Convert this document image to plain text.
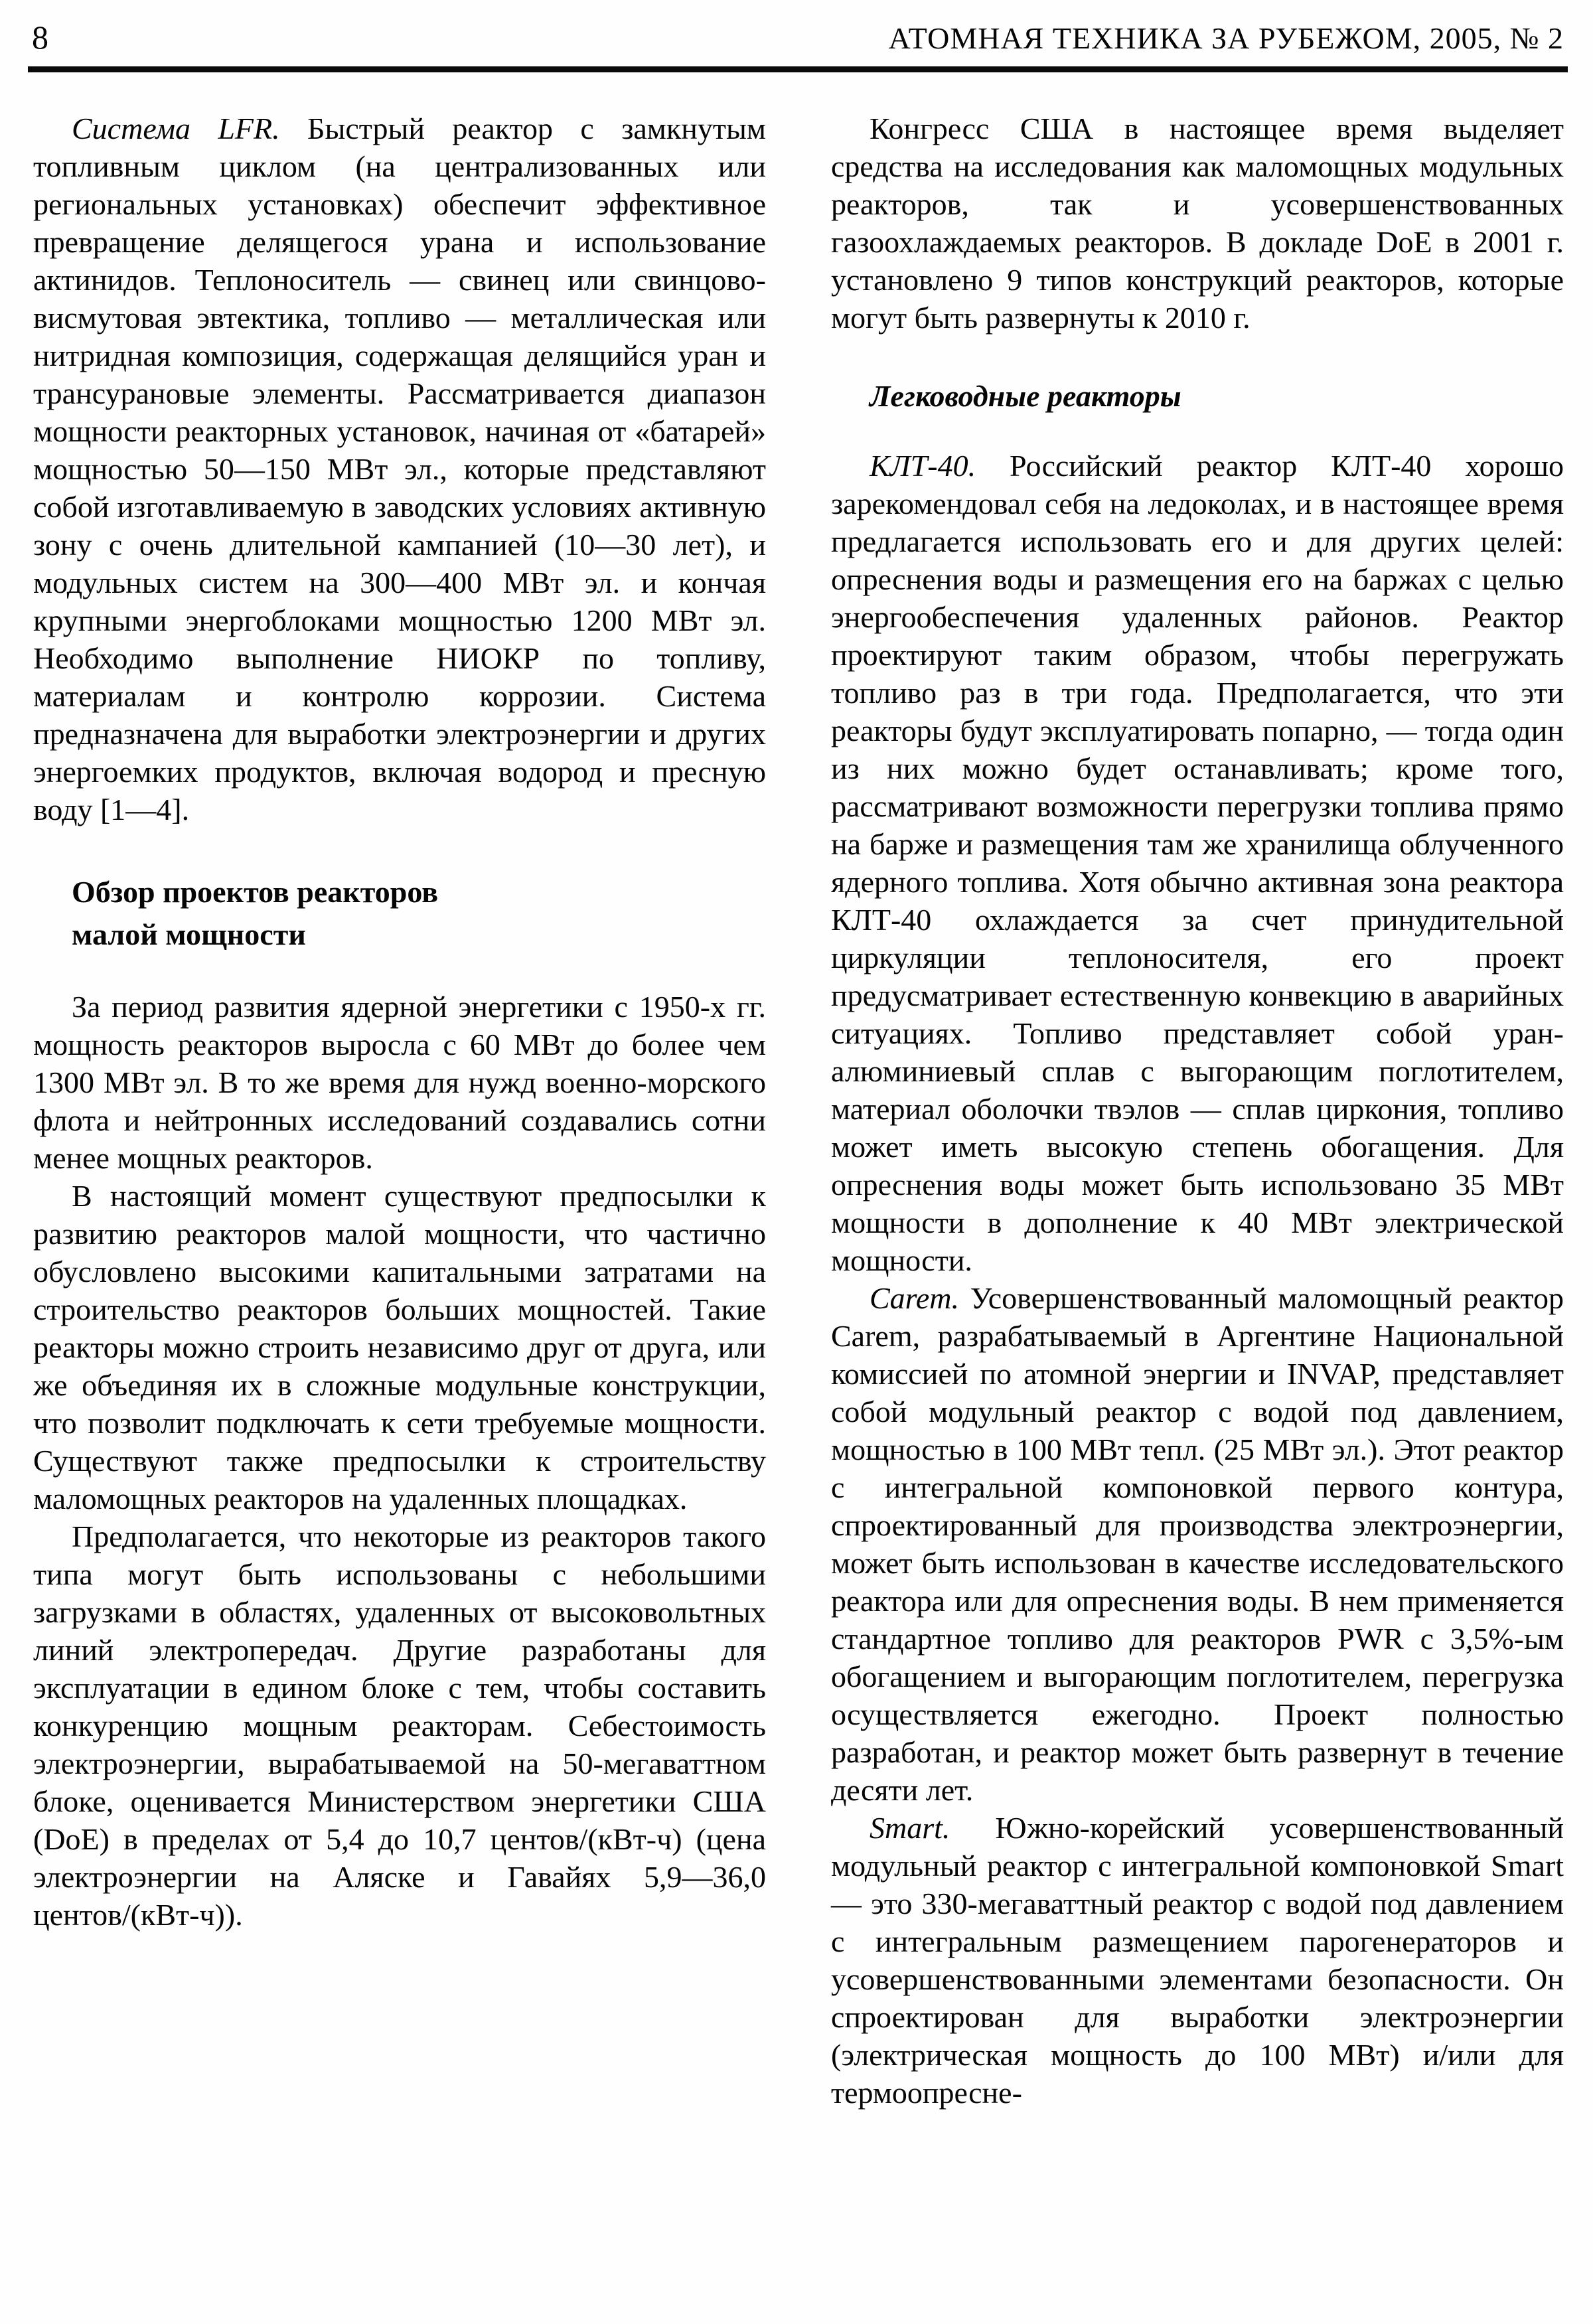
8	АТОМНАЯ ТЕХНИКА ЗА РУБЕЖОМ, 2005, № 2

Система LFR. Быстрый реактор с замкнутым топливным циклом (на централизованных или региональных установках) обеспечит эффективное превращение делящегося урана и использование актинидов. Теплоноситель — свинец или свинцово-висмутовая эвтектика, топливо — металлическая или нитридная композиция, содержащая делящийся уран и трансурановые элементы. Рассматривается диапазон мощности реакторных установок, начиная от «батарей» мощностью 50—150 МВт эл., которые представляют собой изготавливаемую в заводских условиях активную зону с очень длительной кампанией (10—30 лет), и модульных систем на 300—400 МВт эл. и кончая крупными энергоблоками мощностью 1200 МВт эл. Необходимо выполнение НИОКР по топливу, материалам и контролю коррозии. Система предназначена для выработки электроэнергии и других энергоемких продуктов, включая водород и пресную воду [1—4].

Обзор проектов реакторов
малой мощности

За период развития ядерной энергетики с 1950-х гг. мощность реакторов выросла с 60 МВт до более чем 1300 МВт эл. В то же время для нужд военно-морского флота и нейтронных исследований создавались сотни менее мощных реакторов.

В настоящий момент существуют предпосылки к развитию реакторов малой мощности, что частично обусловлено высокими капитальными затратами на строительство реакторов больших мощностей. Такие реакторы можно строить независимо друг от друга, или же объединяя их в сложные модульные конструкции, что позволит подключать к сети требуемые мощности. Существуют также предпосылки к строительству маломощных реакторов на удаленных площадках.

Предполагается, что некоторые из реакторов такого типа могут быть использованы с небольшими загрузками в областях, удаленных от высоковольтных линий электропередач. Другие разработаны для эксплуатации в едином блоке с тем, чтобы составить конкуренцию мощным реакторам. Себестоимость электроэнергии, вырабатываемой на 50-мегаваттном блоке, оценивается Министерством энергетики США (DoE) в пределах от 5,4 до 10,7 центов/(кВт-ч) (цена электроэнергии на Аляске и Гавайях 5,9—36,0 центов/(кВт-ч)).

Конгресс США в настоящее время выделяет средства на исследования как маломощных модульных реакторов, так и усовершенствованных газоохлаждаемых реакторов. В докладе DoE в 2001 г. установлено 9 типов конструкций реакторов, которые могут быть развернуты к 2010 г.

Легководные реакторы

КЛТ-40. Российский реактор КЛТ-40 хорошо зарекомендовал себя на ледоколах, и в настоящее время предлагается использовать его и для других целей: опреснения воды и размещения его на баржах с целью энергообеспечения удаленных районов. Реактор проектируют таким образом, чтобы перегружать топливо раз в три года. Предполагается, что эти реакторы будут эксплуатировать попарно, — тогда один из них можно будет останавливать; кроме того, рассматривают возможности перегрузки топлива прямо на барже и размещения там же хранилища облученного ядерного топлива. Хотя обычно активная зона реактора КЛТ-40 охлаждается за счет принудительной циркуляции теплоносителя, его проект предусматривает естественную конвекцию в аварийных ситуациях. Топливо представляет собой уран-алюминиевый сплав с выгорающим поглотителем, материал оболочки твэлов — сплав циркония, топливо может иметь высокую степень обогащения. Для опреснения воды может быть использовано 35 МВт мощности в дополнение к 40 МВт электрической мощности.

Carem. Усовершенствованный маломощный реактор Carem, разрабатываемый в Аргентине Национальной комиссией по атомной энергии и INVAP, представляет собой модульный реактор с водой под давлением, мощностью в 100 МВт тепл. (25 МВт эл.). Этот реактор с интегральной компоновкой первого контура, спроектированный для производства электроэнергии, может быть использован в качестве исследовательского реактора или для опреснения воды. В нем применяется стандартное топливо для реакторов PWR с 3,5%-ым обогащением и выгорающим поглотителем, перегрузка осуществляется ежегодно. Проект полностью разработан, и реактор может быть развернут в течение десяти лет.

Smart. Южно-корейский усовершенствованный модульный реактор с интегральной компоновкой Smart — это 330-мегаваттный реактор с водой под давлением с интегральным размещением парогенераторов и усовершенствованными элементами безопасности. Он спроектирован для выработки электроэнергии (электрическая мощность до 100 МВт) и/или для термоопресне-
